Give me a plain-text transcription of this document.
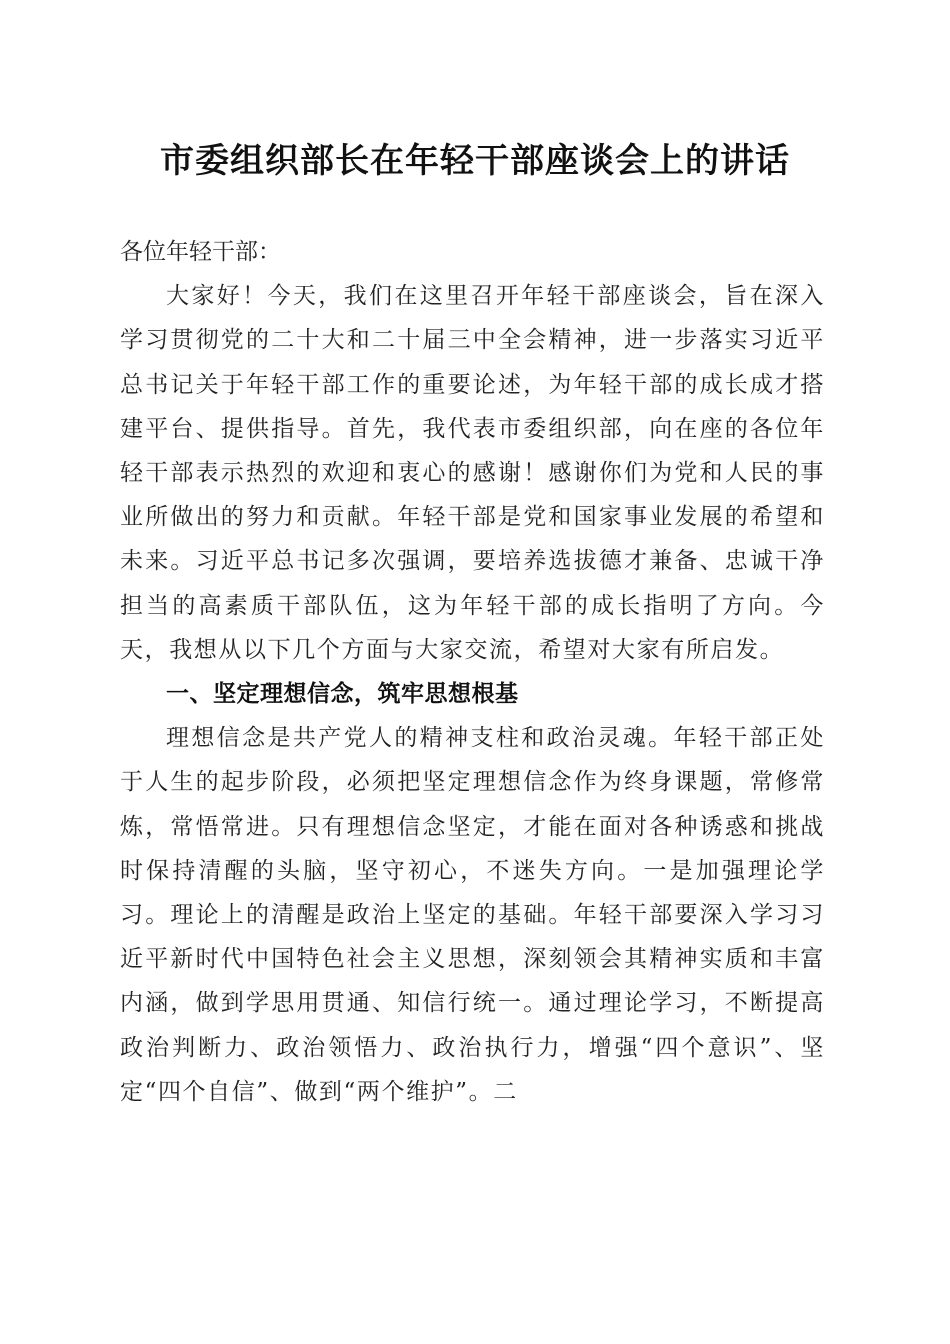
市委组织部长在年轻干部座谈会上的讲话

各位年轻干部：

大家好！今天，我们在这里召开年轻干部座谈会，旨在深入学习贯彻党的二十大和二十届三中全会精神，进一步落实习近平总书记关于年轻干部工作的重要论述，为年轻干部的成长成才搭建平台、提供指导。首先，我代表市委组织部，向在座的各位年轻干部表示热烈的欢迎和衷心的感谢！感谢你们为党和人民的事业所做出的努力和贡献。年轻干部是党和国家事业发展的希望和未来。习近平总书记多次强调，要培养选拔德才兼备、忠诚干净担当的高素质干部队伍，这为年轻干部的成长指明了方向。今天，我想从以下几个方面与大家交流，希望对大家有所启发。

一、坚定理想信念，筑牢思想根基

理想信念是共产党人的精神支柱和政治灵魂。年轻干部正处于人生的起步阶段，必须把坚定理想信念作为终身课题，常修常炼，常悟常进。只有理想信念坚定，才能在面对各种诱惑和挑战时保持清醒的头脑，坚守初心，不迷失方向。一是加强理论学习。理论上的清醒是政治上坚定的基础。年轻干部要深入学习习近平新时代中国特色社会主义思想，深刻领会其精神实质和丰富内涵，做到学思用贯通、知信行统一。通过理论学习，不断提高政治判断力、政治领悟力、政治执行力，增强“四个意识”、坚定“四个自信”、做到“两个维护”。二
